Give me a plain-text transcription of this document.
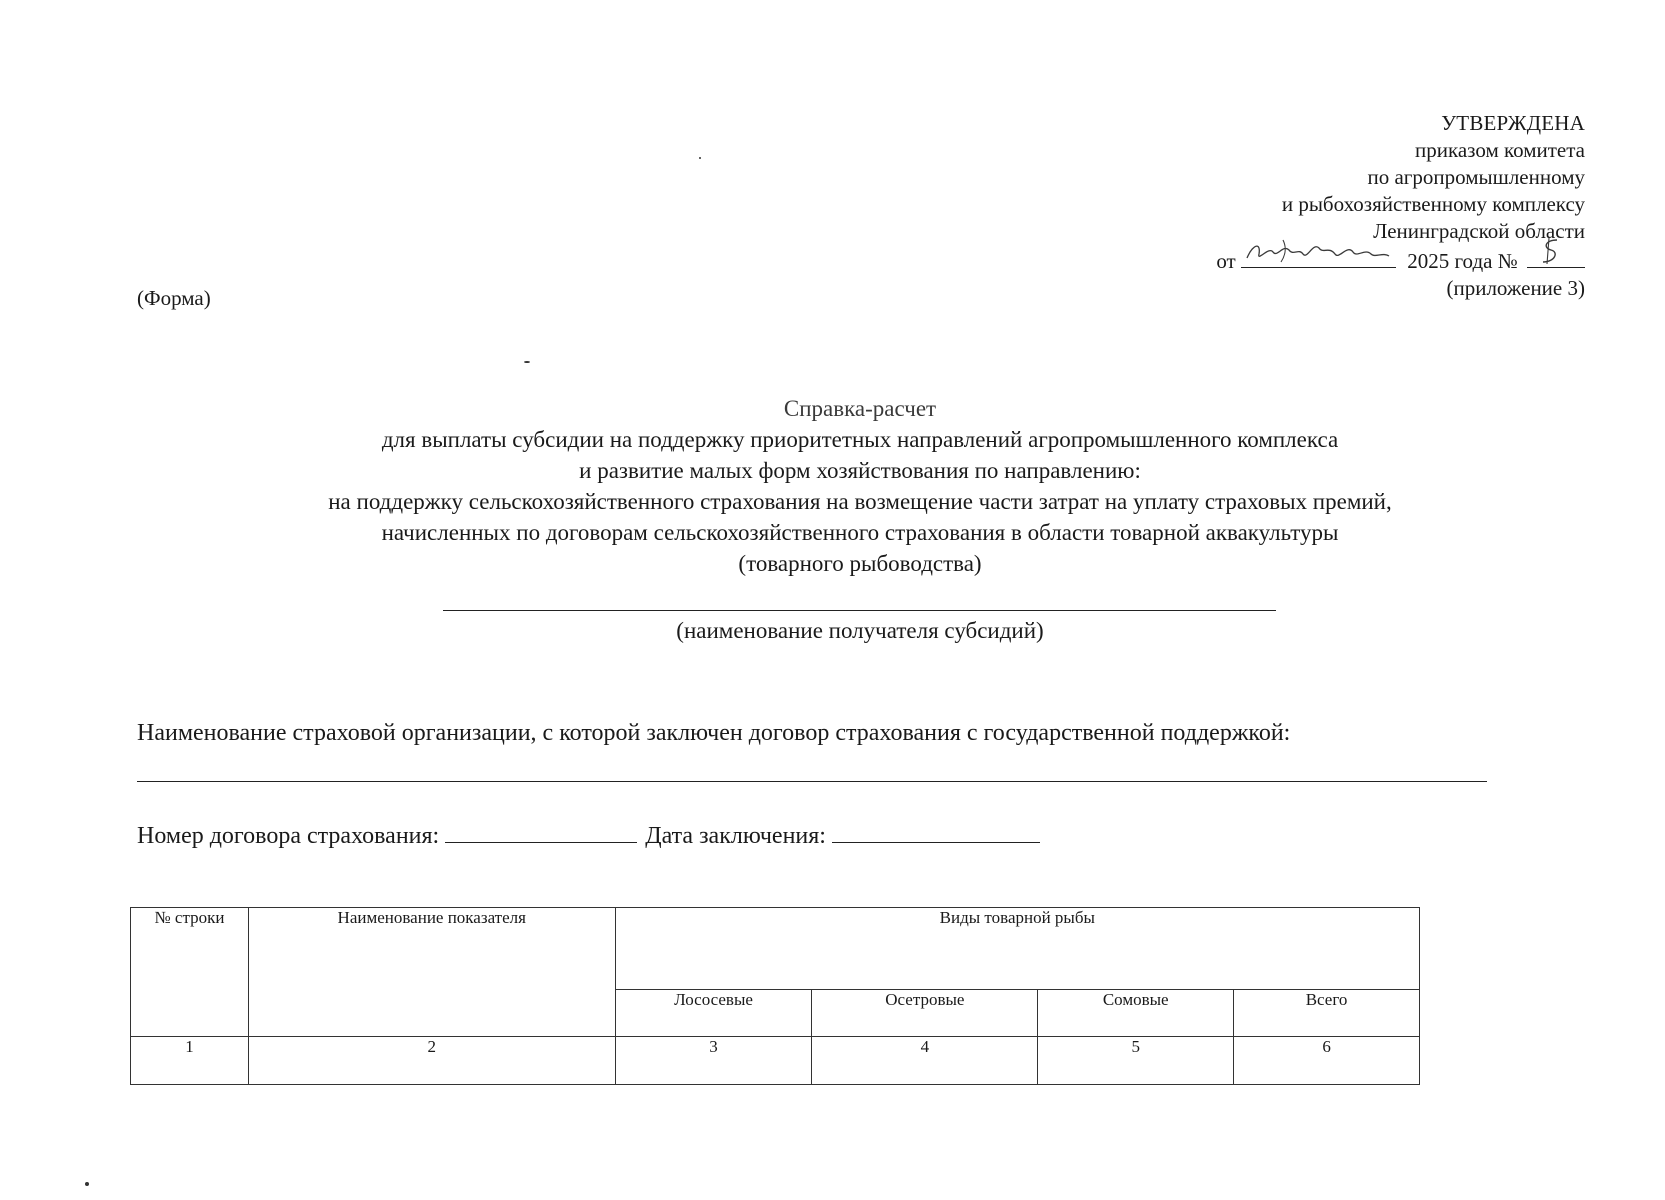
УТВЕРЖДЕНА
приказом комитета
по агропромышленному
и рыбохозяйственному комплексу
Ленинградской области
от	2025 года №
(приложение 3)
(Форма)
Справка-расчет
для выплаты субсидии на поддержку приоритетных направлений агропромышленного комплекса
и развитие малых форм хозяйствования по направлению:
на поддержку сельскохозяйственного страхования на возмещение части затрат на уплату страховых премий,
начисленных по договорам сельскохозяйственного страхования в области товарной аквакультуры
(товарного рыбоводства)
(наименование получателя субсидий)
Наименование страховой организации, с которой заключен договор страхования с государственной поддержкой:
Номер договора страхования:	Дата заключения:
№ строки	Наименование показателя	Виды товарной рыбы			
		Лососевые	Осетровые	Сомовые	Всего
1	2	3	4	5	6
